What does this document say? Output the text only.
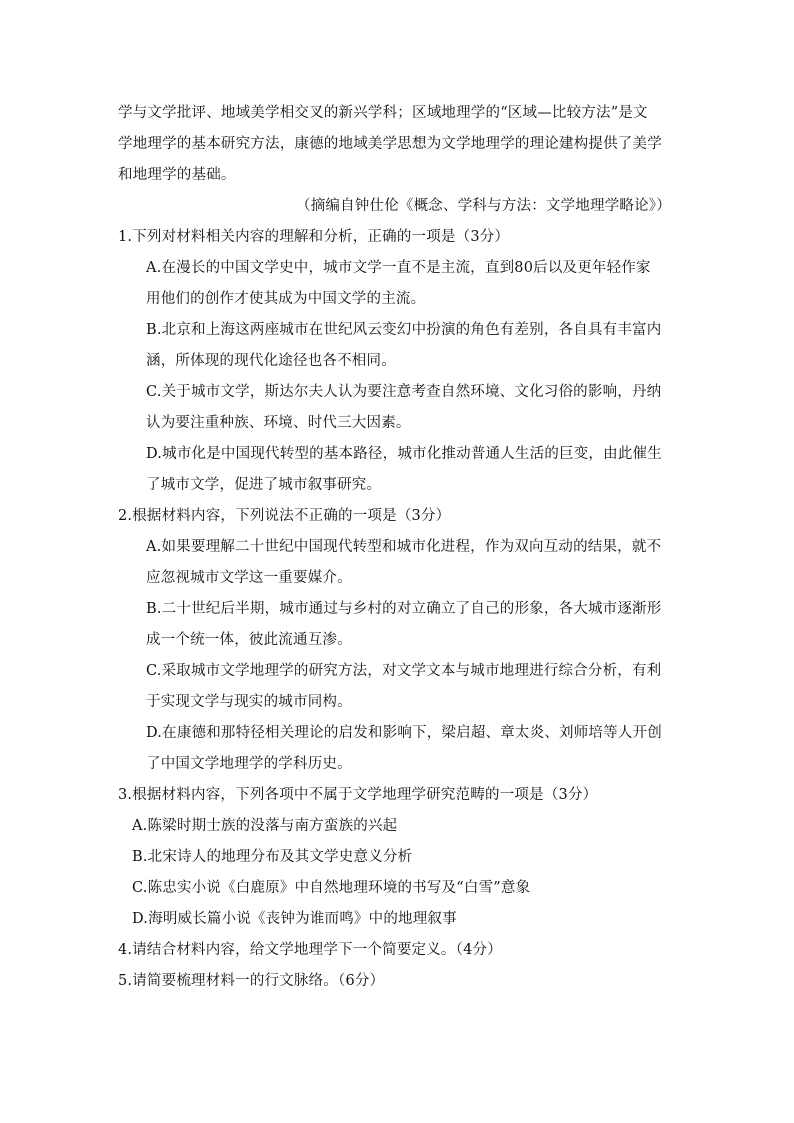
学与文学批评、地域美学相交叉的新兴学科；区域地理学的“区域—比较方法”是文
学地理学的基本研究方法，康德的地域美学思想为文学地理学的理论建构提供了美学
和地理学的基础。
（摘编自钟仕伦《概念、学科与方法：文学地理学略论》）
1.下列对材料相关内容的理解和分析，正确的一项是（3分）
A.在漫长的中国文学史中，城市文学一直不是主流，直到80后以及更年轻作家
用他们的创作才使其成为中国文学的主流。
B.北京和上海这两座城市在世纪风云变幻中扮演的角色有差别，各自具有丰富内
涵，所体现的现代化途径也各不相同。
C.关于城市文学，斯达尔夫人认为要注意考查自然环境、文化习俗的影响，丹纳
认为要注重种族、环境、时代三大因素。
D.城市化是中国现代转型的基本路径，城市化推动普通人生活的巨变，由此催生
了城市文学，促进了城市叙事研究。
2.根据材料内容，下列说法不正确的一项是（3分）
A.如果要理解二十世纪中国现代转型和城市化进程，作为双向互动的结果，就不
应忽视城市文学这一重要媒介。
B.二十世纪后半期，城市通过与乡村的对立确立了自己的形象，各大城市逐渐形
成一个统一体，彼此流通互渗。
C.采取城市文学地理学的研究方法，对文学文本与城市地理进行综合分析，有利
于实现文学与现实的城市同构。
D.在康德和那特径相关理论的启发和影响下，梁启超、章太炎、刘师培等人开创
了中国文学地理学的学科历史。
3.根据材料内容，下列各项中不属于文学地理学研究范畴的一项是（3分）
A.陈梁时期士族的没落与南方蛮族的兴起
B.北宋诗人的地理分布及其文学史意义分析
C.陈忠实小说《白鹿原》中自然地理环境的书写及“白雪”意象
D.海明威长篇小说《丧钟为谁而鸣》中的地理叙事
4.请结合材料内容，给文学地理学下一个简要定义。（4分）
5.请简要梳理材料一的行文脉络。（6分）
